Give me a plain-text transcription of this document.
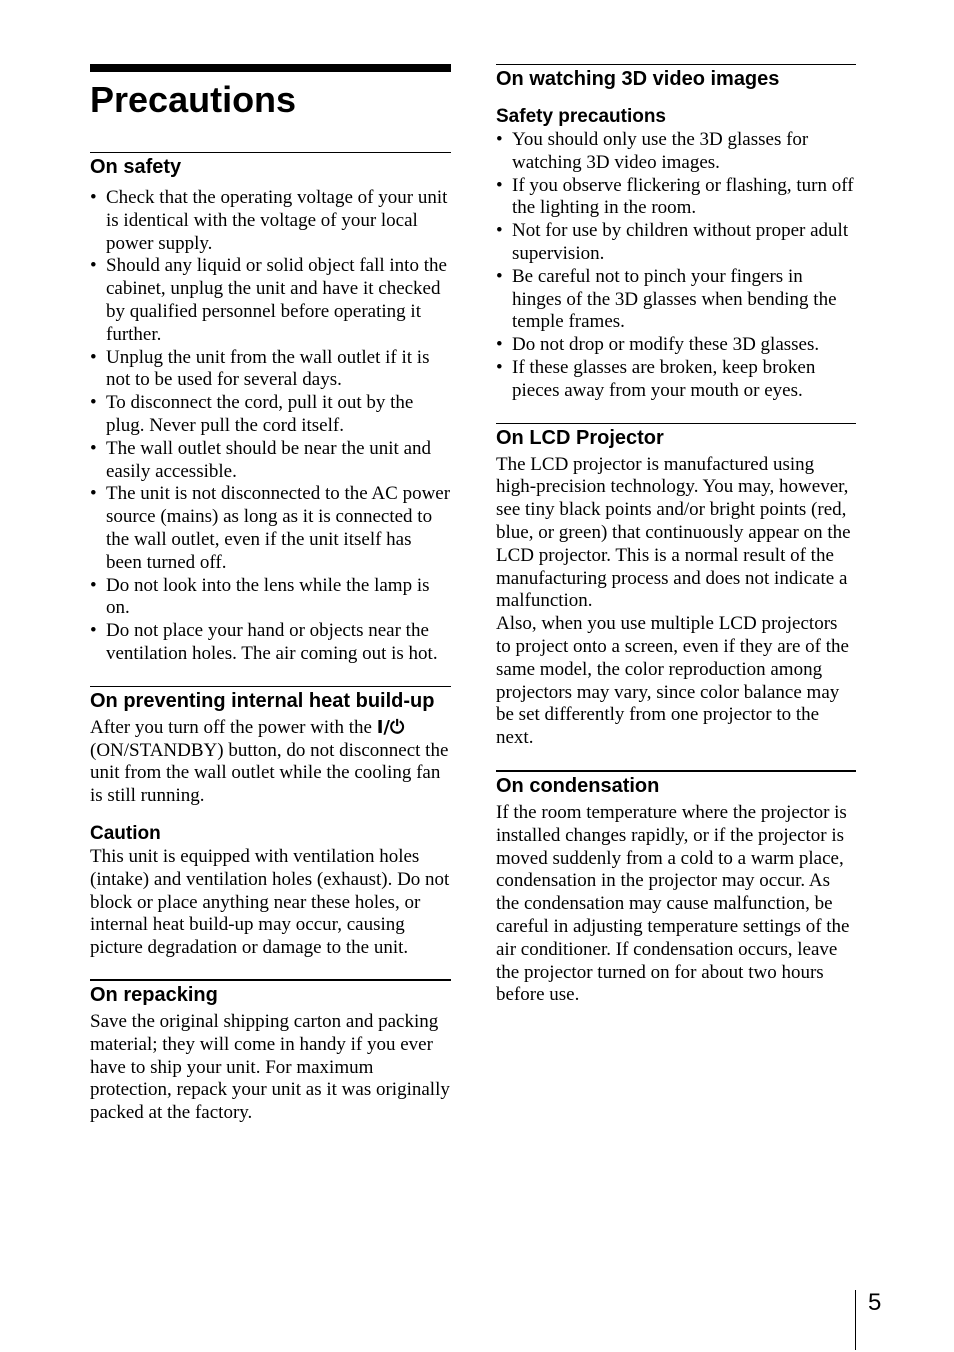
Precautions
On safety
• Check that the operating voltage of your unit is identical with the voltage of your local power supply.
• Should any liquid or solid object fall into the cabinet, unplug the unit and have it checked by qualified personnel before operating it further.
• Unplug the unit from the wall outlet if it is not to be used for several days.
• To disconnect the cord, pull it out by the plug. Never pull the cord itself.
• The wall outlet should be near the unit and easily accessible.
• The unit is not disconnected to the AC power source (mains) as long as it is connected to the wall outlet, even if the unit itself has been turned off.
• Do not look into the lens while the lamp is on.
• Do not place your hand or objects near the ventilation holes. The air coming out is hot.
On preventing internal heat build-up

After you turn off the power with the I/⏻ (ON/STANDBY) button, do not disconnect the unit from the wall outlet while the cooling fan is still running.

Caution

This unit is equipped with ventilation holes (intake) and ventilation holes (exhaust). Do not block or place anything near these holes, or internal heat build-up may occur, causing picture degradation or damage to the unit.

On repacking

Save the original shipping carton and packing material; they will come in handy if you ever have to ship your unit. For maximum protection, repack your unit as it was originally packed at the factory.

On watching 3D video images
Safety precautions
• You should only use the 3D glasses for watching 3D video images.
• If you observe flickering or flashing, turn off the lighting in the room.
• Not for use by children without proper adult supervision.
• Be careful not to pinch your fingers in hinges of the 3D glasses when bending the temple frames.
• Do not drop or modify these 3D glasses.
• If these glasses are broken, keep broken pieces away from your mouth or eyes.
On LCD Projector

The LCD projector is manufactured using high-precision technology. You may, however, see tiny black points and/or bright points (red, blue, or green) that continuously appear on the LCD projector. This is a normal result of the manufacturing process and does not indicate a malfunction.

Also, when you use multiple LCD projectors to project onto a screen, even if they are of the same model, the color reproduction among projectors may vary, since color balance may be set differently from one projector to the next.

On condensation

If the room temperature where the projector is installed changes rapidly, or if the projector is moved suddenly from a cold to a warm place, condensation in the projector may occur. As the condensation may cause malfunction, be careful in adjusting temperature settings of the air conditioner. If condensation occurs, leave the projector turned on for about two hours before use.

5
